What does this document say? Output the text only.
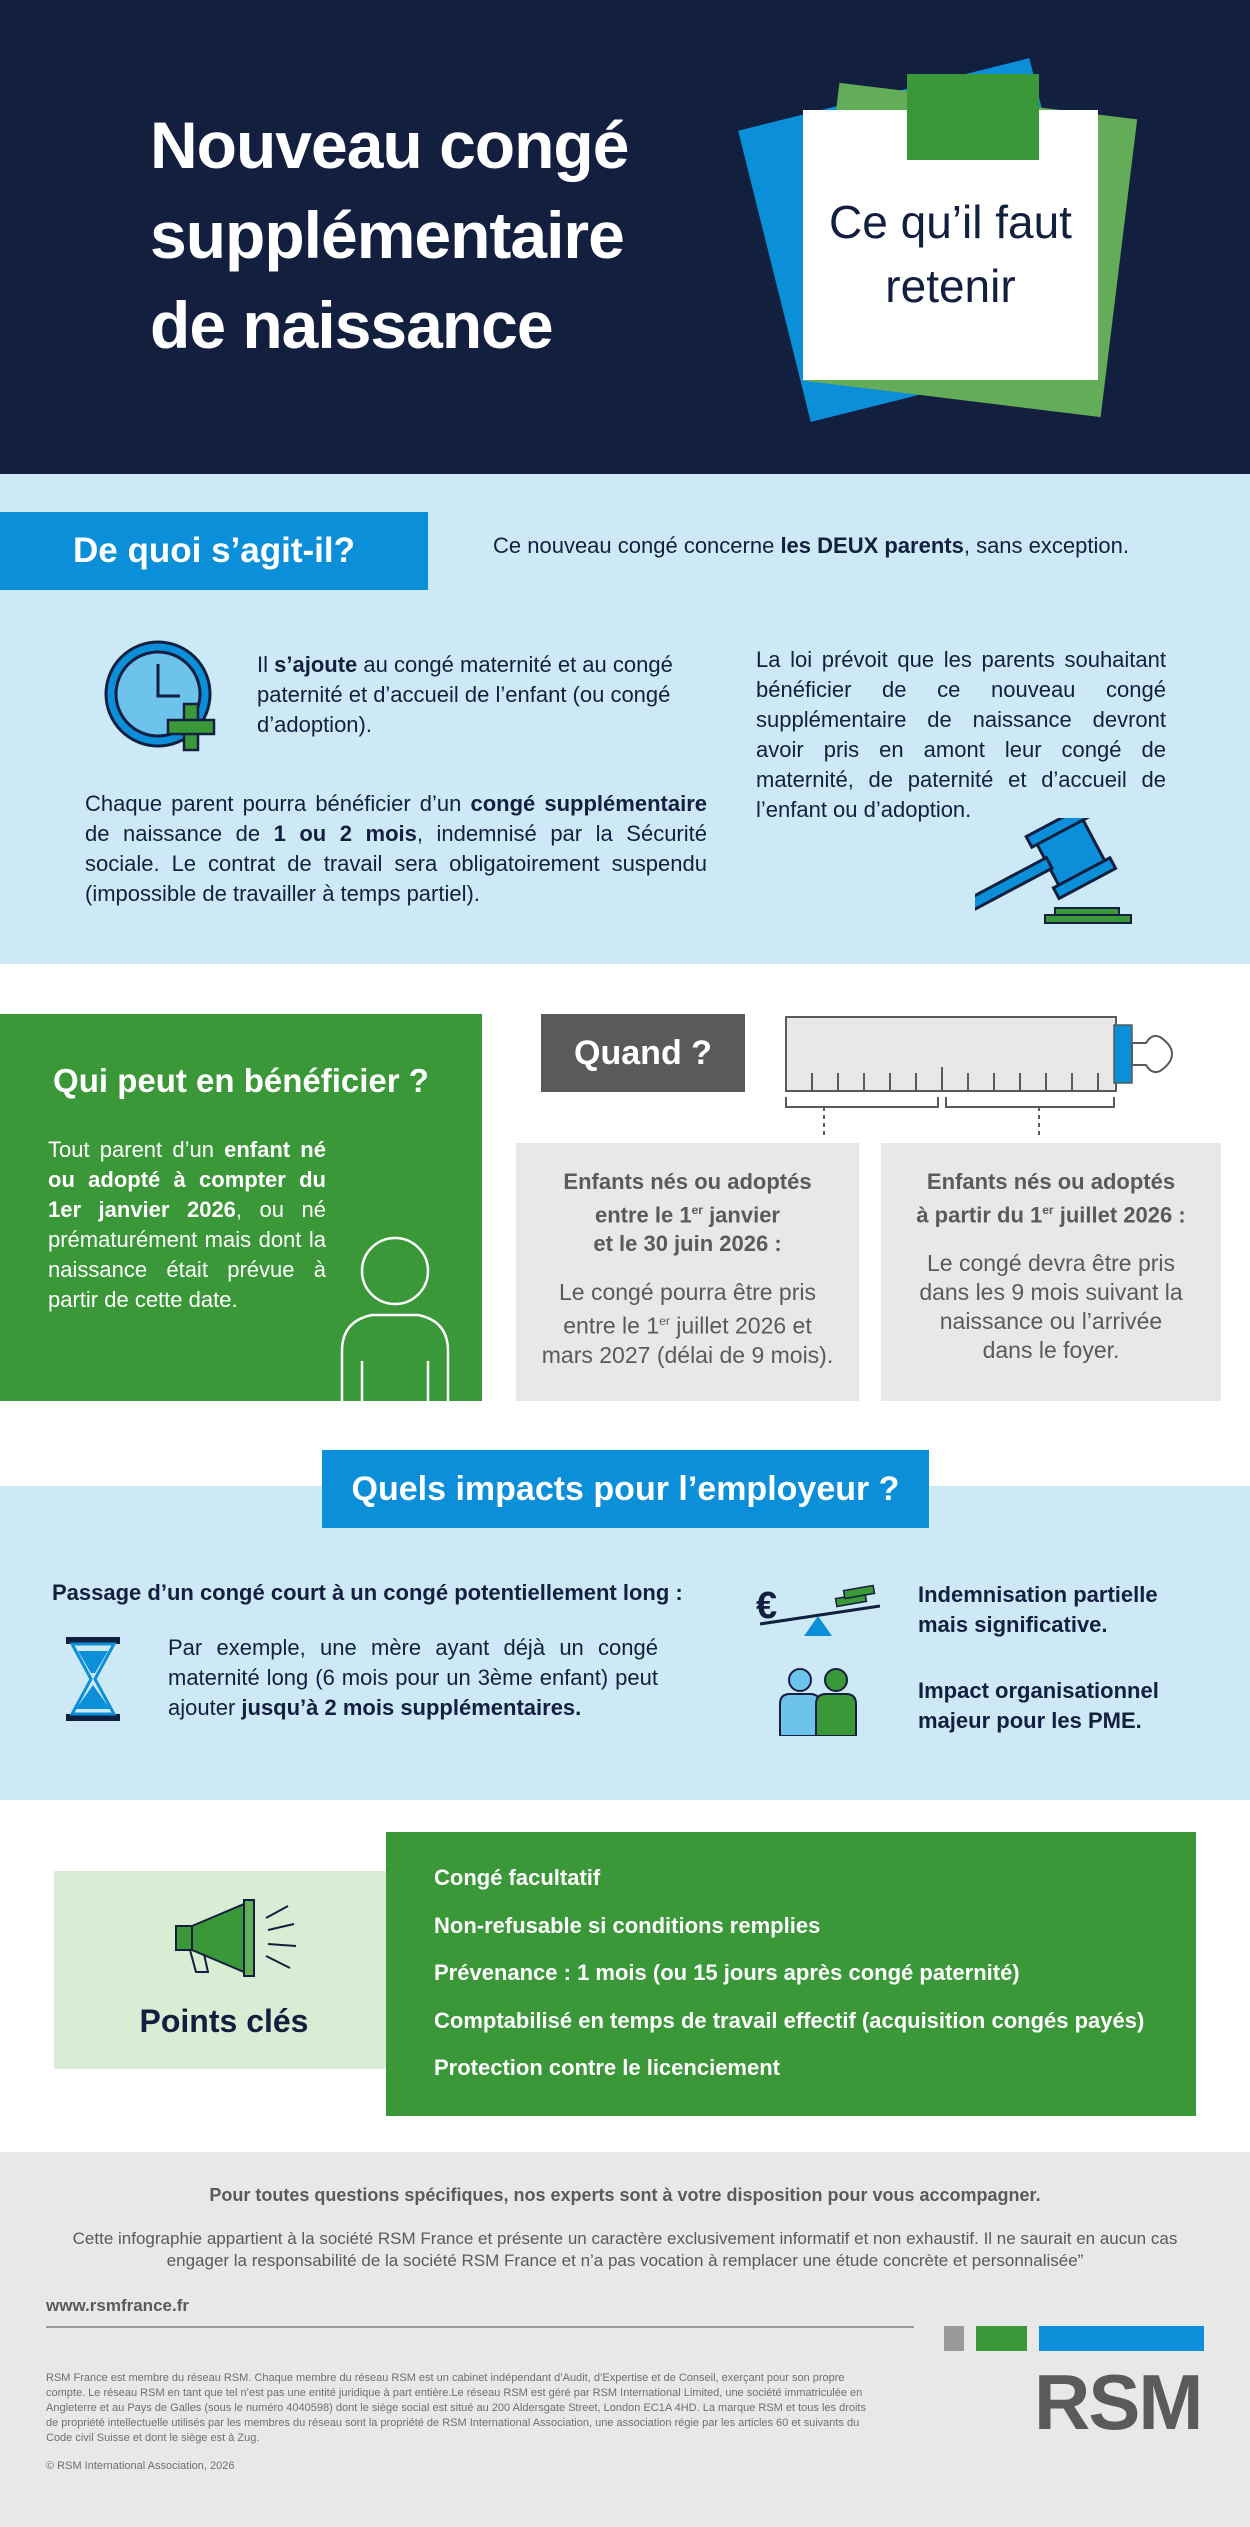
Nouveau congé
supplémentaire
de naissance
Ce qu’il faut
retenir
De quoi s’agit-il?	Ce nouveau congé concerne les DEUX parents, sans exception.

Il s’ajoute au congé maternité et au congé paternité et d’accueil de l’enfant (ou congé d’adoption).

Chaque parent pourra bénéficier d’un congé supplémentaire de naissance de 1 ou 2 mois, indemnisé par la Sécurité sociale. Le contrat de travail sera obligatoirement suspendu (impossible de travailler à temps partiel).

La loi prévoit que les parents souhaitant bénéficier de ce nouveau congé supplémentaire de naissance devront avoir pris en amont leur congé de maternité, de paternité et d’accueil de l’enfant ou d’adoption.

Qui peut en bénéficier ?

Tout parent d’un enfant né ou adopté à compter du 1er janvier 2026, ou né prématurément mais dont la naissance était prévue à partir de cette date.

Quand ?
Enfants nés ou adoptés
entre le 1er janvier
et le 30 juin 2026 :
Le congé pourra être pris
entre le 1er juillet 2026 et
mars 2027 (délai de 9 mois).
Enfants nés ou adoptés
à partir du 1er juillet 2026 :
Le congé devra être pris
dans les 9 mois suivant la
naissance ou l’arrivée
dans le foyer.
Quels impacts pour l’employeur ?
Passage d’un congé court à un congé potentiellement long :

Par exemple, une mère ayant déjà un congé maternité long (6 mois pour un 3ème enfant) peut ajouter jusqu’à 2 mois supplémentaires.

€	Indemnisation partielle mais significative.
Impact organisationnel majeur pour les PME.
Points clés
Congé facultatif
Non-refusable si conditions remplies
Prévenance : 1 mois (ou 15 jours après congé paternité)
Comptabilisé en temps de travail effectif (acquisition congés payés)
Protection contre le licenciement

Pour toutes questions spécifiques, nos experts sont à votre disposition pour vous accompagner.

Cette infographie appartient à la société RSM France et présente un caractère exclusivement informatif et non exhaustif. Il ne saurait en aucun cas engager la responsabilité de la société RSM France et n’a pas vocation à remplacer une étude concrète et personnalisée”

www.rsmfrance.fr

RSM France est membre du réseau RSM. Chaque membre du réseau RSM est un cabinet indépendant d’Audit, d’Expertise et de Conseil, exerçant pour son propre compte. Le réseau RSM en tant que tel n’est pas une entité juridique à part entière.Le réseau RSM est géré par RSM International Limited, une société immatriculée en Angleterre et au Pays de Galles (sous le numéro 4040598) dont le siège social est situé au 200 Aldersgate Street, London EC1A 4HD. La marque RSM et tous les droits de propriété intellectuelle utilisés par les membres du réseau sont la propriété de RSM International Association, une association régie par les articles 60 et suivants du Code civil Suisse et dont le siège est à Zug.

© RSM International Association, 2026

RSM
